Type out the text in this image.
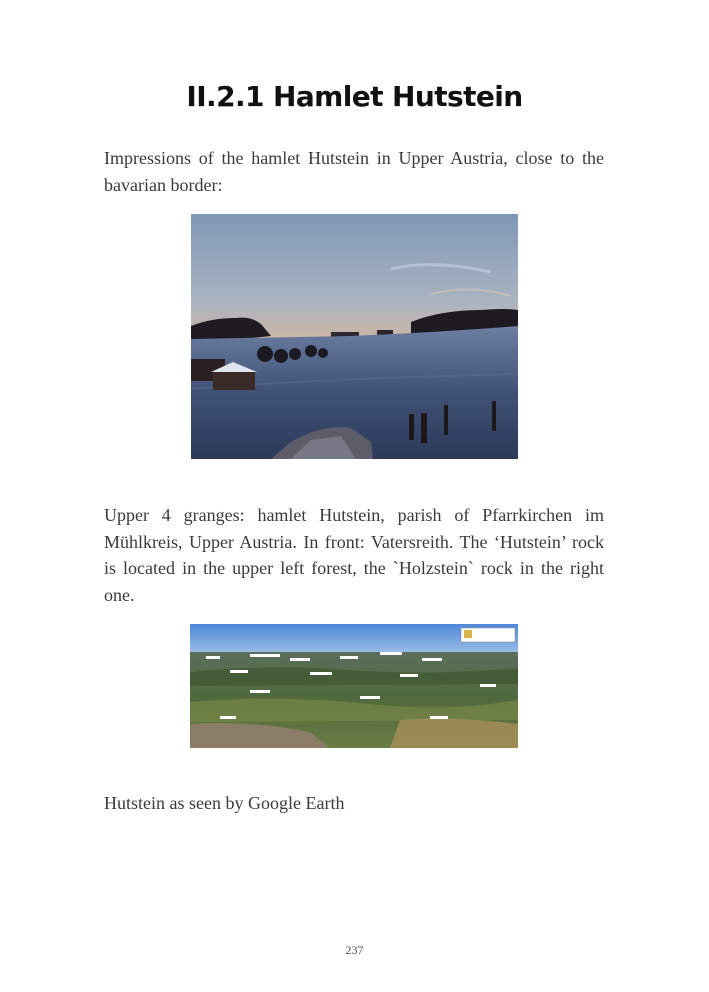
II.2.1 Hamlet Hutstein

Impressions of the hamlet Hutstein in Upper Austria, close to the bavarian border:

Upper 4 granges: hamlet Hutstein, parish of Pfarrkirchen im Mühlkreis, Upper Austria. In front: Vatersreith. The ‘Hutstein’ rock is located in the upper left forest, the `Holzstein` rock in the right one.

Hutstein as seen by Google Earth

237
